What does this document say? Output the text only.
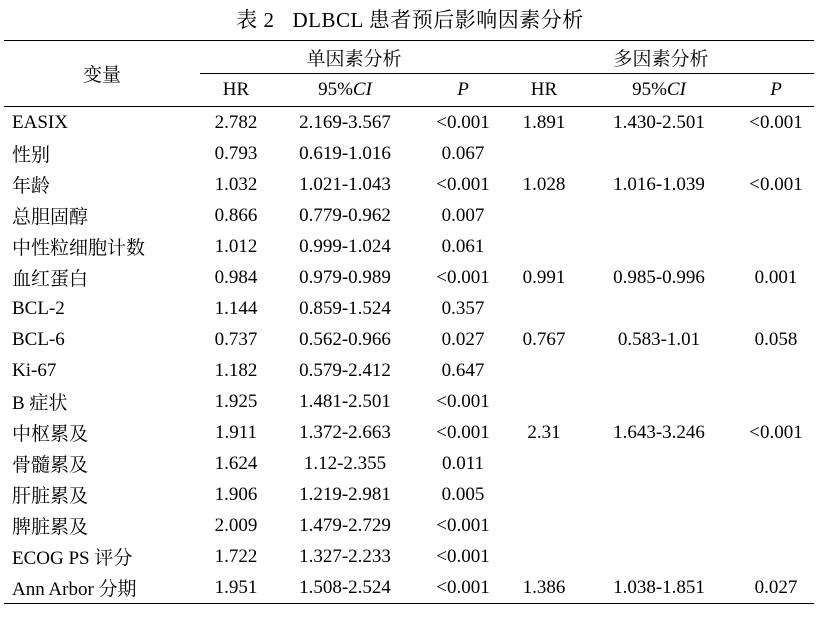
表 2 DLBCL 患者预后影响因素分析
变量	单因素分析			多因素分析		
	HR	95%CI	P	HR	95%CI	P
EASIX	2.782	2.169-3.567	<0.001	1.891	1.430-2.501	<0.001
性别	0.793	0.619-1.016	0.067			
年龄	1.032	1.021-1.043	<0.001	1.028	1.016-1.039	<0.001
总胆固醇	0.866	0.779-0.962	0.007			
中性粒细胞计数	1.012	0.999-1.024	0.061			
血红蛋白	0.984	0.979-0.989	<0.001	0.991	0.985-0.996	0.001
BCL-2	1.144	0.859-1.524	0.357			
BCL-6	0.737	0.562-0.966	0.027	0.767	0.583-1.01	0.058
Ki-67	1.182	0.579-2.412	0.647			
B 症状	1.925	1.481-2.501	<0.001			
中枢累及	1.911	1.372-2.663	<0.001	2.31	1.643-3.246	<0.001
骨髓累及	1.624	1.12-2.355	0.011			
肝脏累及	1.906	1.219-2.981	0.005			
脾脏累及	2.009	1.479-2.729	<0.001			
ECOG PS 评分	1.722	1.327-2.233	<0.001			
Ann Arbor 分期	1.951	1.508-2.524	<0.001	1.386	1.038-1.851	0.027
